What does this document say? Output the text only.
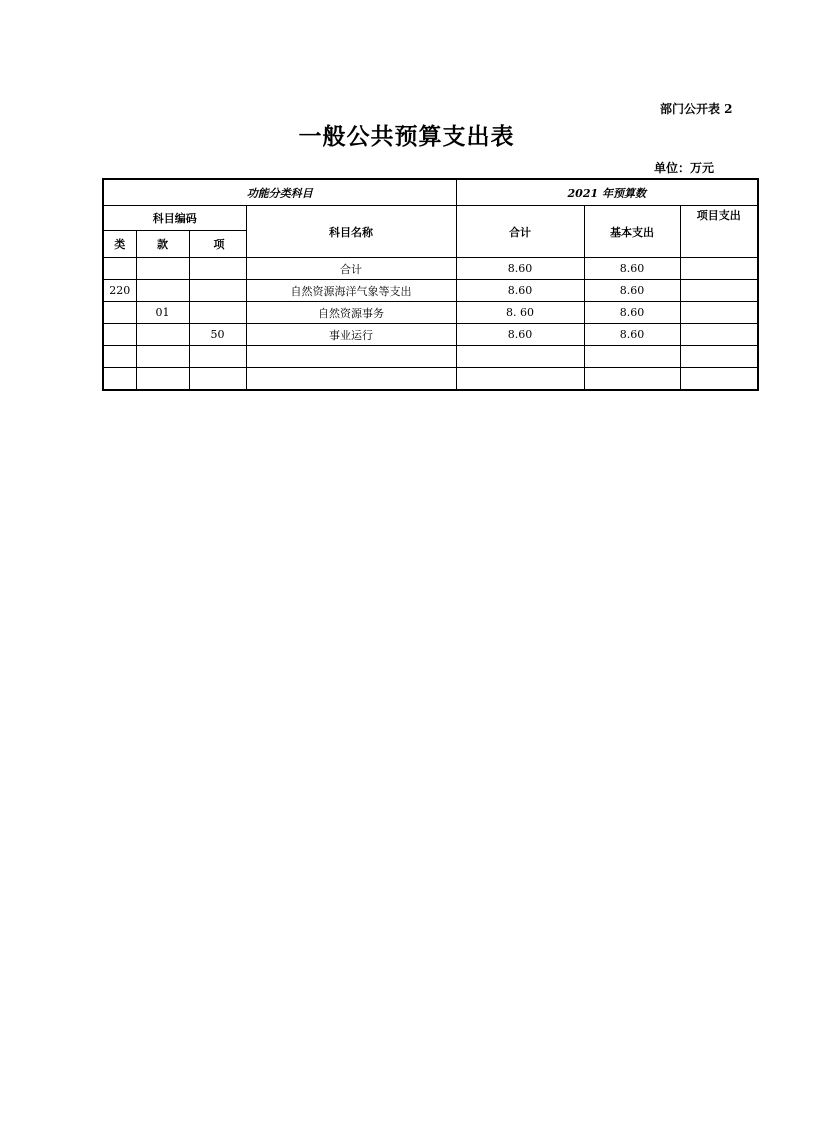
部门公开表 2
一般公共预算支出表
单位：万元
功能分类科目				2021 年预算数		
科目编码			科目名称	合计	基本支出	项目支出
类	款	项				
			合计	8.60	8.60	
220			自然资源海洋气象等支出	8.60	8.60	
	01		自然资源事务	8. 60	8.60	
		50	事业运行	8.60	8.60	
